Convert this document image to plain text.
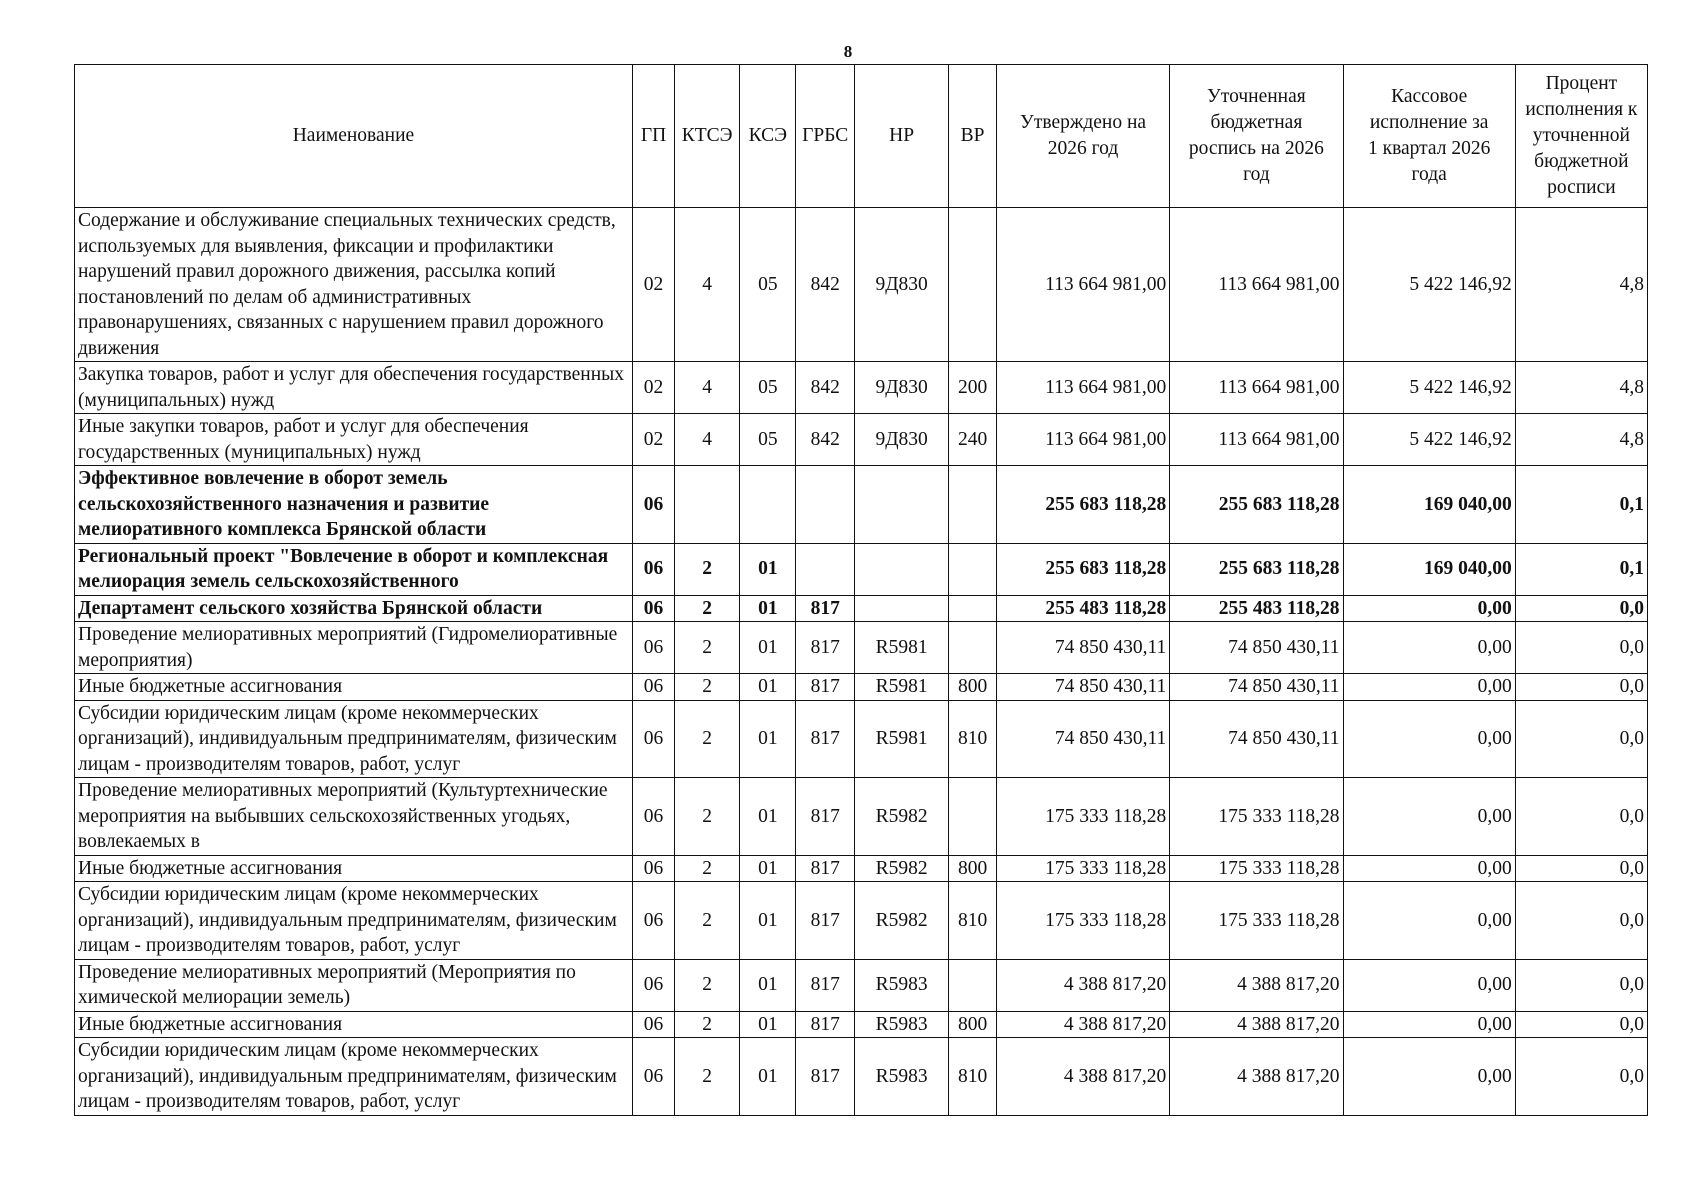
8
Наименование	ГП	КТСЭ	КСЭ	ГРБС	НР	ВР	Утверждено на 2026 год	Уточненная бюджетная роспись на 2026 год	Кассовое исполнение за 1 квартал 2026 года	Процент исполнения к уточненной бюджетной росписи
Содержание и обслуживание специальных технических средств, используемых для выявления, фиксации и профилактики нарушений правил дорожного движения, рассылка копий постановлений по делам об административных правонарушениях, связанных с нарушением правил дорожного движения	02	4	05	842	9Д830		113 664 981,00	113 664 981,00	5 422 146,92	4,8
Закупка товаров, работ и услуг для обеспечения государственных (муниципальных) нужд	02	4	05	842	9Д830	200	113 664 981,00	113 664 981,00	5 422 146,92	4,8
Иные закупки товаров, работ и услуг для обеспечения государственных (муниципальных) нужд	02	4	05	842	9Д830	240	113 664 981,00	113 664 981,00	5 422 146,92	4,8
Эффективное вовлечение в оборот земель сельскохозяйственного назначения и развитие мелиоративного комплекса Брянской области	06						255 683 118,28	255 683 118,28	169 040,00	0,1
Региональный проект "Вовлечение в оборот и комплексная мелиорация земель сельскохозяйственного	06	2	01				255 683 118,28	255 683 118,28	169 040,00	0,1
Департамент сельского хозяйства Брянской области	06	2	01	817			255 483 118,28	255 483 118,28	0,00	0,0
Проведение мелиоративных мероприятий (Гидромелиоративные мероприятия)	06	2	01	817	R5981		74 850 430,11	74 850 430,11	0,00	0,0
Иные бюджетные ассигнования	06	2	01	817	R5981	800	74 850 430,11	74 850 430,11	0,00	0,0
Субсидии юридическим лицам (кроме некоммерческих организаций), индивидуальным предпринимателям, физическим лицам - производителям товаров, работ, услуг	06	2	01	817	R5981	810	74 850 430,11	74 850 430,11	0,00	0,0
Проведение мелиоративных мероприятий (Культуртехнические мероприятия на выбывших сельскохозяйственных угодьях, вовлекаемых в	06	2	01	817	R5982		175 333 118,28	175 333 118,28	0,00	0,0
Иные бюджетные ассигнования	06	2	01	817	R5982	800	175 333 118,28	175 333 118,28	0,00	0,0
Субсидии юридическим лицам (кроме некоммерческих организаций), индивидуальным предпринимателям, физическим лицам - производителям товаров, работ, услуг	06	2	01	817	R5982	810	175 333 118,28	175 333 118,28	0,00	0,0
Проведение мелиоративных мероприятий (Мероприятия по химической мелиорации земель)	06	2	01	817	R5983		4 388 817,20	4 388 817,20	0,00	0,0
Иные бюджетные ассигнования	06	2	01	817	R5983	800	4 388 817,20	4 388 817,20	0,00	0,0
Субсидии юридическим лицам (кроме некоммерческих организаций), индивидуальным предпринимателям, физическим лицам - производителям товаров, работ, услуг	06	2	01	817	R5983	810	4 388 817,20	4 388 817,20	0,00	0,0
